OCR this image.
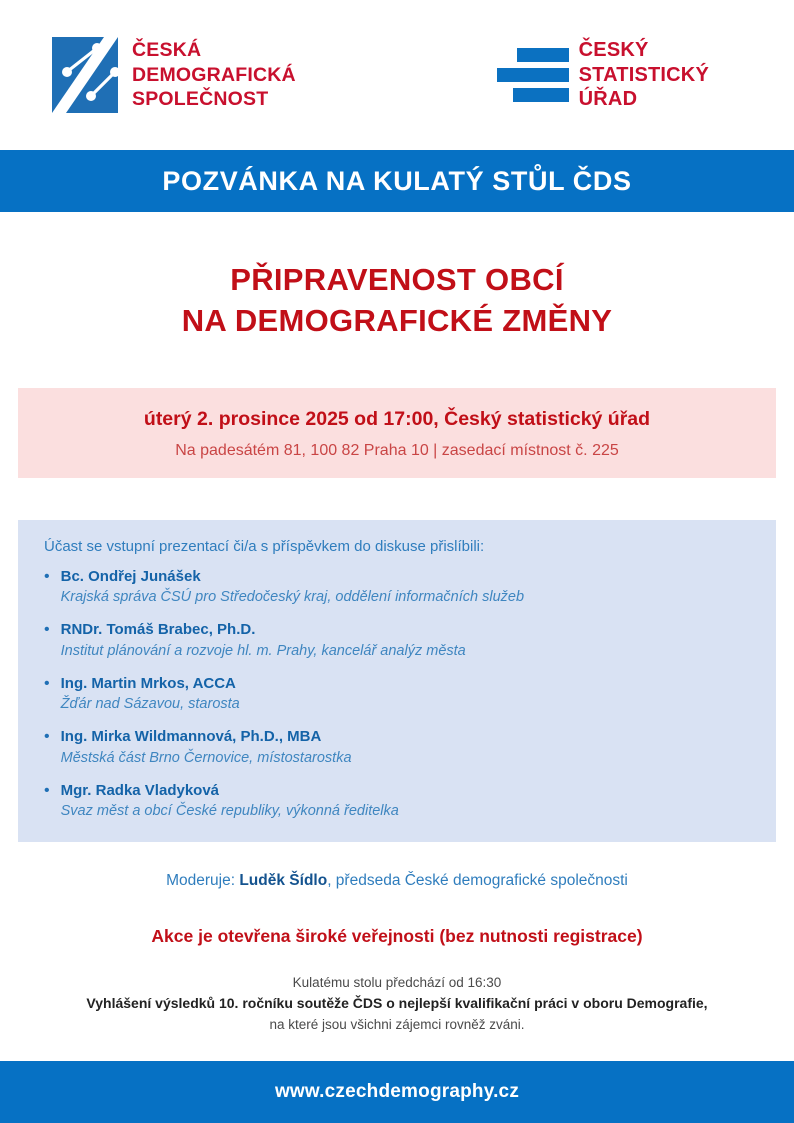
ČESKÁ
DEMOGRAFICKÁ
SPOLEČNOST
ČESKÝ
STATISTICKÝ
ÚŘAD
POZVÁNKA NA KULATÝ STŮL ČDS
PŘIPRAVENOST OBCÍ
NA DEMOGRAFICKÉ ZMĚNY
úterý 2. prosince 2025 od 17:00, Český statistický úřad
Na padesátém 81, 100 82 Praha 10 | zasedací místnost č. 225
Účast se vstupní prezentací či/a s příspěvkem do diskuse přislíbili:
• Bc. Ondřej Junášek
Krajská správa ČSÚ pro Středočeský kraj, oddělení informačních služeb
• RNDr. Tomáš Brabec, Ph.D.
Institut plánování a rozvoje hl. m. Prahy, kancelář analýz města
• Ing. Martin Mrkos, ACCA
Žďár nad Sázavou, starosta
• Ing. Mirka Wildmannová, Ph.D., MBA
Městská část Brno Černovice, místostarostka
• Mgr. Radka Vladyková
Svaz měst a obcí České republiky, výkonná ředitelka
Moderuje: Luděk Šídlo, předseda České demografické společnosti
Akce je otevřena široké veřejnosti (bez nutnosti registrace)
Kulatému stolu předchází od 16:30
Vyhlášení výsledků 10. ročníku soutěže ČDS o nejlepší kvalifikační práci v oboru Demografie,
na které jsou všichni zájemci rovněž zváni.
www.czechdemography.cz
